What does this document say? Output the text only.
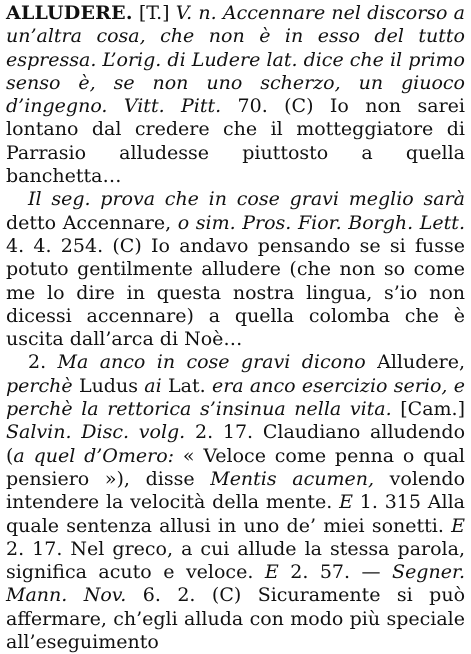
ALLUDERE. [T.] V. n. Accennare nel discorso a un’altra cosa, che non è in esso del tutto espressa. L’orig. di Ludere lat. dice che il primo senso è, se non uno scherzo, un giuoco d’ingegno. Vitt. Pitt. 70. (C) Io non sarei lontano dal credere che il motteggiatore di Parrasio alludesse piuttosto a quella banchetta…

Il seg. prova che in cose gravi meglio sarà detto Accennare, o sim. Pros. Fior. Borgh. Lett. 4. 4. 254. (C) Io andavo pensando se si fusse potuto gentilmente alludere (che non so come me lo dire in questa nostra lingua, s’io non dicessi accennare) a quella colomba che è uscita dall’arca di Noè…

2. Ma anco in cose gravi dicono Alludere, perchè Ludus ai Lat. era anco esercizio serio, e perchè la rettorica s’insinua nella vita. [Cam.] Salvin. Disc. volg. 2. 17. Claudiano alludendo (a quel d’Omero: « Veloce come penna o qual pensiero »), disse Mentis acumen, volendo intendere la velocità della mente. E 1. 315 Alla quale sentenza allusi in uno de’ miei sonetti. E 2. 17. Nel greco, a cui allude la stessa parola, significa acuto e veloce. E 2. 57. — Segner. Mann. Nov. 6. 2. (C) Sicuramente si può affermare, ch’egli alluda con modo più speciale all’eseguimento
